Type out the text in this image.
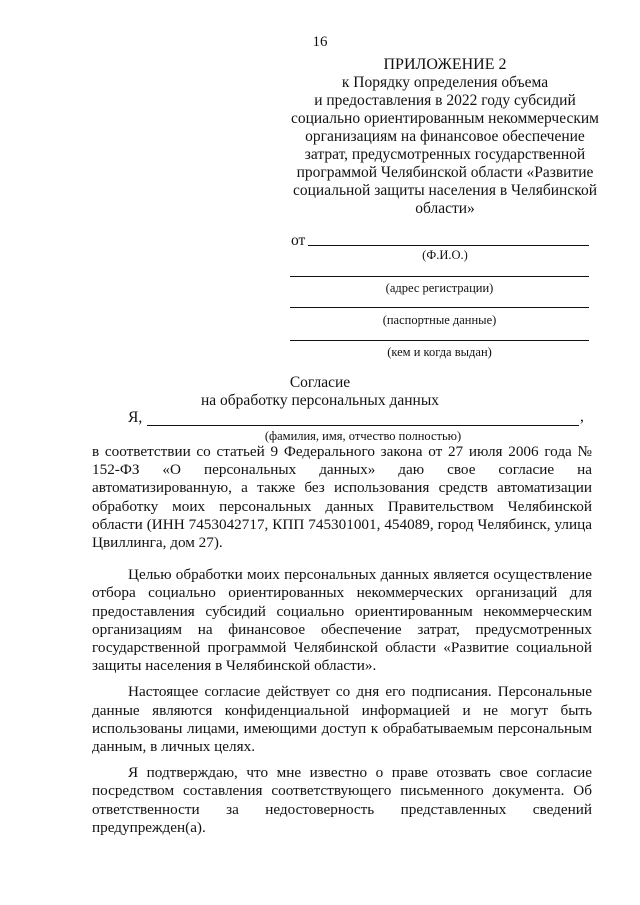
16
ПРИЛОЖЕНИЕ 2
к Порядку определения объема
и предоставления в 2022 году субсидий
социально ориентированным некоммерческим
организациям на финансовое обеспечение
затрат, предусмотренных государственной
программой Челябинской области «Развитие
социальной защиты населения в Челябинской
области»
от
(Ф.И.О.)
(адрес регистрации)
(паспортные данные)
(кем и когда выдан)
Согласие
на обработку персональных данных
Я,	,
(фамилия, имя, отчество полностью)

в соответствии со статьей 9 Федерального закона от 27 июля 2006 года № 152-ФЗ «О персональных данных» даю свое согласие на автоматизированную, а также без использования средств автоматизации обработку моих персональных данных Правительством Челябинской области (ИНН 7453042717, КПП 745301001, 454089, город Челябинск, улица Цвиллинга, дом 27).

Целью обработки моих персональных данных является осуществление отбора социально ориентированных некоммерческих организаций для предоставления субсидий социально ориентированным некоммерческим организациям на финансовое обеспечение затрат, предусмотренных государственной программой Челябинской области «Развитие социальной защиты населения в Челябинской области».

Настоящее согласие действует со дня его подписания. Персональные данные являются конфиденциальной информацией и не могут быть использованы лицами, имеющими доступ к обрабатываемым персональным данным, в личных целях.

Я подтверждаю, что мне известно о праве отозвать свое согласие посредством составления соответствующего письменного документа. Об ответственности за недостоверность представленных сведений предупрежден(а).
